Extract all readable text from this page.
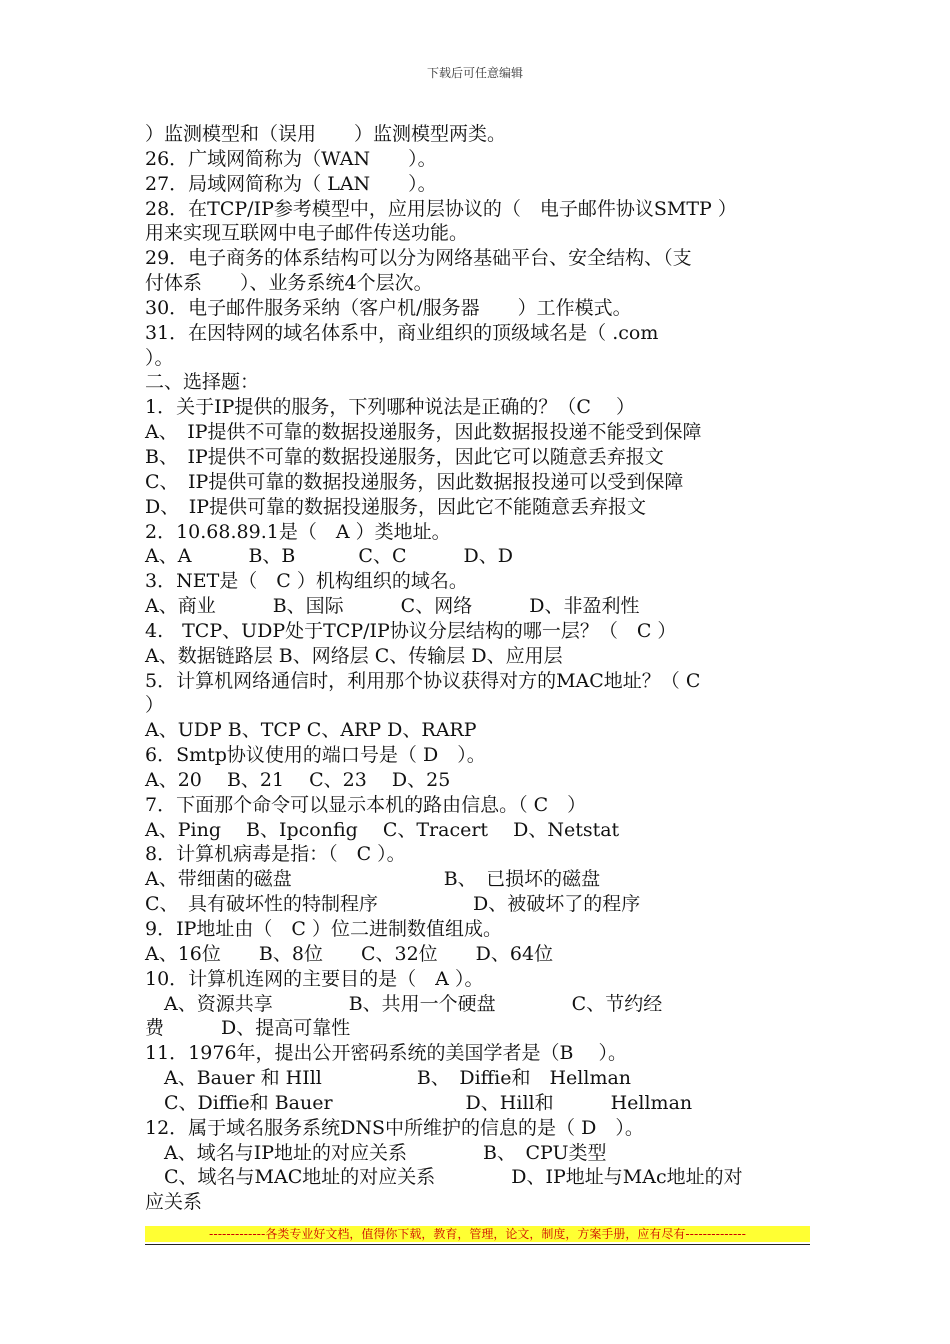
下载后可任意编辑
）监测模型和（误用　　）监测模型两类。
26．广域网简称为（WAN　　）。
27．局域网简称为（ LAN　　）。
28．在TCP/IP参考模型中，应用层协议的（　电子邮件协议SMTP ）
用来实现互联网中电子邮件传送功能。
29．电子商务的体系结构可以分为网络基础平台、安全结构、（支
付体系　　）、业务系统4个层次。
30．电子邮件服务采纳（客户机/服务器　　）工作模式。
31．在因特网的域名体系中，商业组织的顶级域名是（ .com
）。
二、选择题：
1．关于IP提供的服务，下列哪种说法是正确的？（C　 ）
A、　IP提供不可靠的数据投递服务，因此数据报投递不能受到保障
B、　IP提供不可靠的数据投递服务，因此它可以随意丢弃报文
C、　IP提供可靠的数据投递服务，因此数据报投递可以受到保障
D、　IP提供可靠的数据投递服务，因此它不能随意丢弃报文
2．10.68.89.1是（　A ）类地址。
A、A　　　B、B　　　 C、C　　　D、D
3．NET是（　C ）机构组织的域名。
A、商业　　　B、国际　　　C、网络　　　D、非盈利性
4.　TCP、UDP处于TCP/IP协议分层结构的哪一层？（　C ）
A、数据链路层 B、网络层 C、传输层 D、应用层
5．计算机网络通信时，利用那个协议获得对方的MAC地址？（ C
）
A、UDP B、TCP C、ARP D、RARP
6．Smtp协议使用的端口号是（ D　）。
A、20　 B、21　 C、23　 D、25
7．下面那个命令可以显示本机的路由信息。（ C　）
A、Ping　 B、Ipconfig　 C、Tracert　 D、Netstat
8．计算机病毒是指：（　C ）。
A、带细菌的磁盘　　　　　　　　B、　已损坏的磁盘
C、　具有破坏性的特制程序　　　　　D、被破坏了的程序
9．IP地址由（　C ）位二进制数值组成。
A、16位　　B、8位　　C、32位　　D、64位
10．计算机连网的主要目的是（　A ）。
　A、资源共享　　　　B、共用一个硬盘　　　　C、节约经
费　　　D、提高可靠性
11．1976年，提出公开密码系统的美国学者是（B　 ）。
　A、Bauer 和 HIll　　　　　B、　Diffie和　Hellman
　C、Diffie和 Bauer　　　　　　　D、Hill和　　　Hellman
12．属于域名服务系统DNS中所维护的信息的是（ D　）。
　A、域名与IP地址的对应关系　　　　B、　CPU类型
　C、域名与MAC地址的对应关系　　　　D、IP地址与MAc地址的对
应关系
-------------各类专业好文档，值得你下载，教育，管理，论文，制度，方案手册，应有尽有--------------
